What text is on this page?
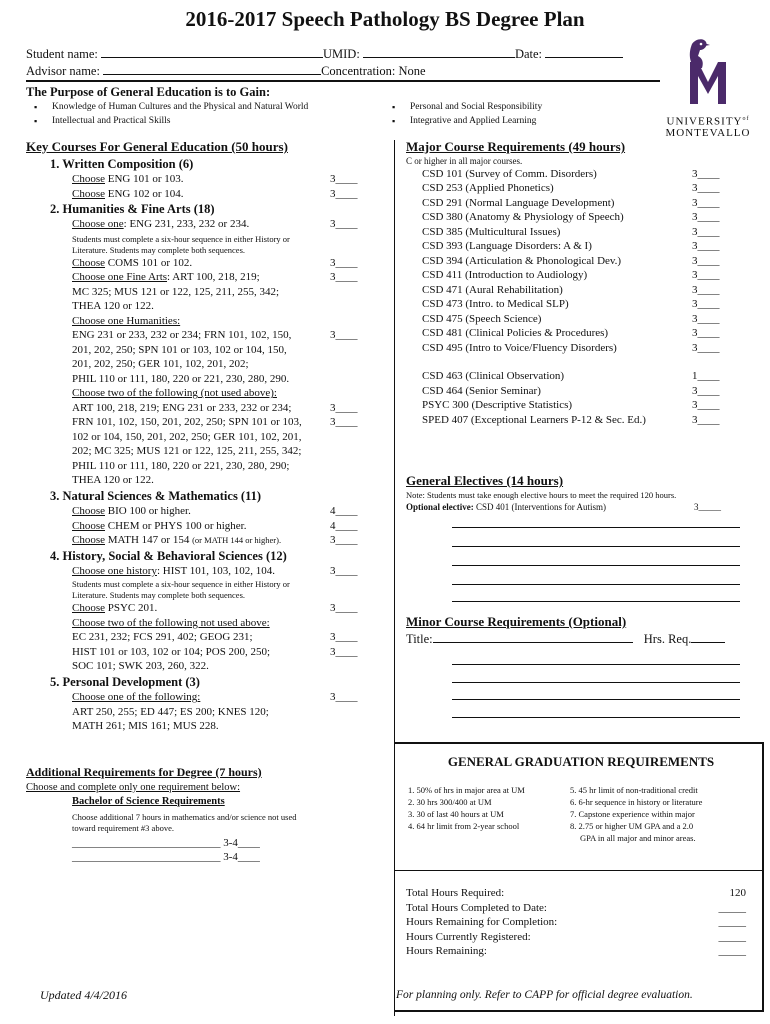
2016-2017 Speech Pathology BS Degree Plan
Student name:	UMID:	Date:
Advisor name:	Concentration: None
$UNIVERSITY^{of}$
MONTEVALLO
The Purpose of General Education is to Gain:
▪ Knowledge of Human Cultures and the Physical and Natural World
▪ Intellectual and Practical Skills
▪ Personal and Social Responsibility
▪ Integrative and Applied Learning
Key Courses For General Education (50 hours)
1. Written Composition (6)
Choose ENG 101 or 103.	3____
Choose ENG 102 or 104.	3____
2. Humanities & Fine Arts (18)
Choose one: ENG 231, 233, 232 or 234.	3____
Students must complete a six-hour sequence in either History or
Literature. Students may complete both sequences.
Choose COMS 101 or 102.	3____
Choose one Fine Arts: ART 100, 218, 219;	3____
MC 325; MUS 121 or 122, 125, 211, 255, 342;
THEA 120 or 122.
Choose one Humanities:
ENG 231 or 233, 232 or 234; FRN 101, 102, 150,	3____
201, 202, 250; SPN 101 or 103, 102 or 104, 150,
201, 202, 250; GER 101, 102, 201, 202;
PHIL 110 or 111, 180, 220 or 221, 230, 280, 290.
Choose two of the following (not used above):
ART 100, 218, 219; ENG 231 or 233, 232 or 234;	3____
FRN 101, 102, 150, 201, 202, 250; SPN 101 or 103,	3____
102 or 104, 150, 201, 202, 250; GER 101, 102, 201,
202; MC 325; MUS 121 or 122, 125, 211, 255, 342;
PHIL 110 or 111, 180, 220 or 221, 230, 280, 290;
THEA 120 or 122.
3. Natural Sciences & Mathematics (11)
Choose BIO 100 or higher.	4____
Choose CHEM or PHYS 100 or higher.	4____
Choose MATH 147 or 154 (or MATH 144 or higher).	3____
4. History, Social & Behavioral Sciences (12)
Choose one history: HIST 101, 103, 102, 104.	3____
Students must complete a six-hour sequence in either History or
Literature. Students may complete both sequences.
Choose PSYC 201.	3____
Choose two of the following not used above:
EC 231, 232; FCS 291, 402; GEOG 231;	3____
HIST 101 or 103, 102 or 104; POS 200, 250;	3____
SOC 101; SWK 203, 260, 322.
5. Personal Development (3)
Choose one of the following:	3____
ART 250, 255; ED 447; ES 200; KNES 120;
MATH 261; MIS 161; MUS 228.
Additional Requirements for Degree (7 hours)
Choose and complete only one requirement below:
Bachelor of Science Requirements
Choose additional 7 hours in mathematics and/or science not used
toward requirement #3 above.
___________________________ 3-4____
___________________________ 3-4____
Major Course Requirements (49 hours)
C or higher in all major courses.
CSD 101 (Survey of Comm. Disorders)	3____
CSD 253 (Applied Phonetics)	3____
CSD 291 (Normal Language Development)	3____
CSD 380 (Anatomy & Physiology of Speech)	3____
CSD 385 (Multicultural Issues)	3____
CSD 393 (Language Disorders: A & I)	3____
CSD 394 (Articulation & Phonological Dev.)	3____
CSD 411 (Introduction to Audiology)	3____
CSD 471 (Aural Rehabilitation)	3____
CSD 473 (Intro. to Medical SLP)	3____
CSD 475 (Speech Science)	3____
CSD 481 (Clinical Policies & Procedures)	3____
CSD 495 (Intro to Voice/Fluency Disorders)	3____
CSD 463 (Clinical Observation)	1____
CSD 464 (Senior Seminar)	3____
PSYC 300 (Descriptive Statistics)	3____
SPED 407 (Exceptional Learners P-12 & Sec. Ed.)	3____
General Electives (14 hours)
Note: Students must take enough elective hours to meet the required 120 hours.
Optional elective: CSD 401 (Interventions for Autism)	3_____
Minor Course Requirements (Optional)
Title:	Hrs. Req.
GENERAL GRADUATION REQUIREMENTS
1. 50% of hrs in major area at UM
2. 30 hrs 300/400 at UM
3. 30 of last 40 hours at UM
4. 64 hr limit from 2-year school
5. 45 hr limit of non-traditional credit
6. 6-hr sequence in history or literature
7. Capstone experience within major
8. 2.75 or higher UM GPA and a 2.0
GPA in all major and minor areas.
Total Hours Required:	120
Total Hours Completed to Date:	_____
Hours Remaining for Completion:	_____
Hours Currently Registered:	_____
Hours Remaining:	_____
Updated 4/4/2016	For planning only. Refer to CAPP for official degree evaluation.
